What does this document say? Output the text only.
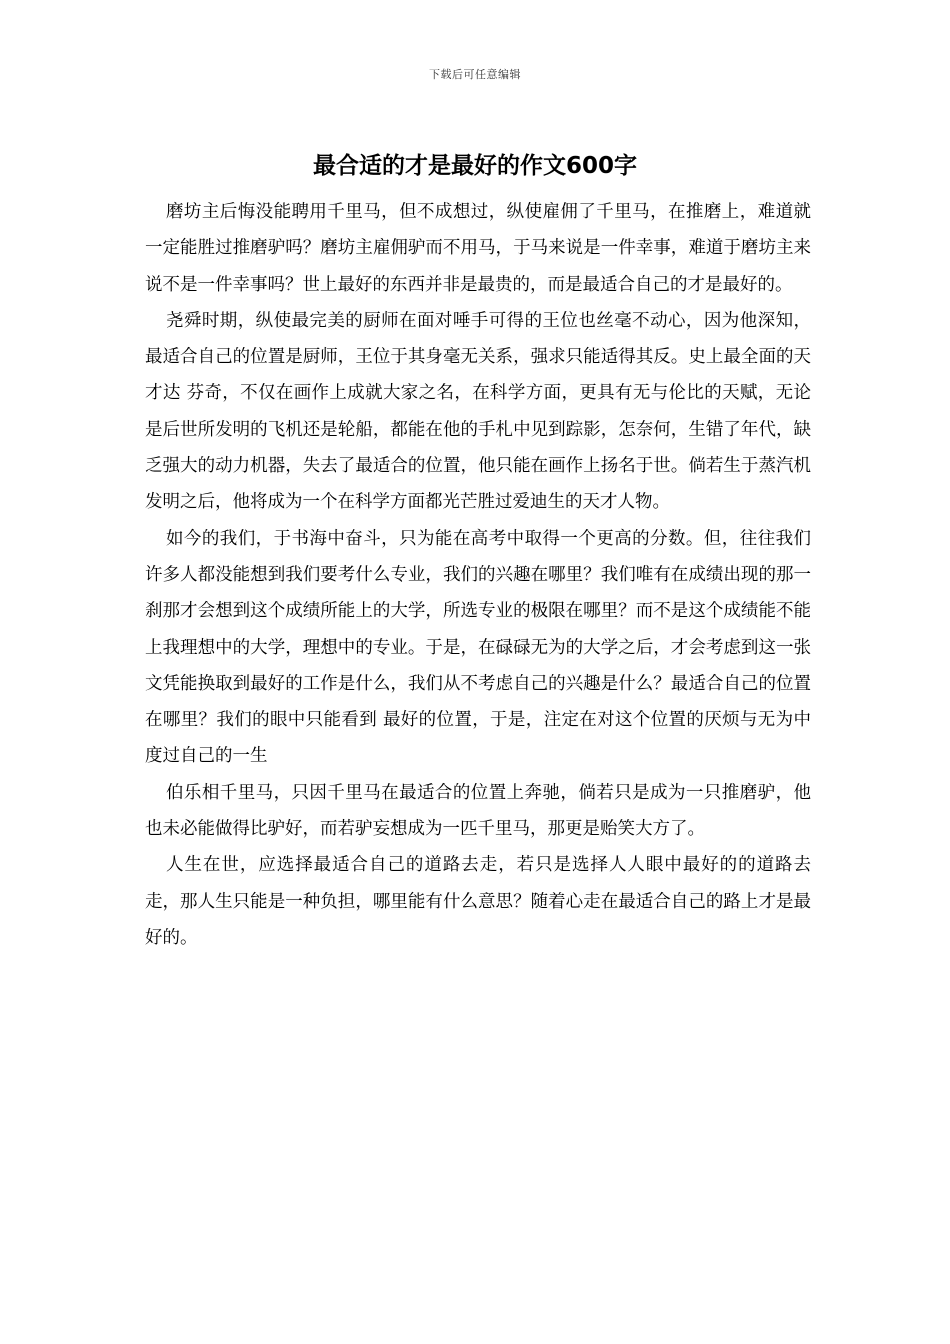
下载后可任意编辑
最合适的才是最好的作文600字

磨坊主后悔没能聘用千里马，但不成想过，纵使雇佣了千里马，在推磨上，难道就一定能胜过推磨驴吗？磨坊主雇佣驴而不用马，于马来说是一件幸事，难道于磨坊主来说不是一件幸事吗？世上最好的东西并非是最贵的，而是最适合自己的才是最好的。

尧舜时期，纵使最完美的厨师在面对唾手可得的王位也丝毫不动心，因为他深知，最适合自己的位置是厨师，王位于其身毫无关系，强求只能适得其反。史上最全面的天才达 芬奇，不仅在画作上成就大家之名，在科学方面，更具有无与伦比的天赋，无论是后世所发明的飞机还是轮船，都能在他的手札中见到踪影，怎奈何，生错了年代，缺乏强大的动力机器，失去了最适合的位置，他只能在画作上扬名于世。倘若生于蒸汽机发明之后，他将成为一个在科学方面都光芒胜过爱迪生的天才人物。

如今的我们，于书海中奋斗，只为能在高考中取得一个更高的分数。但，往往我们许多人都没能想到我们要考什么专业，我们的兴趣在哪里？我们唯有在成绩出现的那一刹那才会想到这个成绩所能上的大学，所选专业的极限在哪里？而不是这个成绩能不能上我理想中的大学，理想中的专业。于是，在碌碌无为的大学之后，才会考虑到这一张文凭能换取到最好的工作是什么，我们从不考虑自己的兴趣是什么？最适合自己的位置在哪里？我们的眼中只能看到 最好的位置，于是，注定在对这个位置的厌烦与无为中度过自己的一生

伯乐相千里马，只因千里马在最适合的位置上奔驰，倘若只是成为一只推磨驴，他也未必能做得比驴好，而若驴妄想成为一匹千里马，那更是贻笑大方了。

人生在世，应选择最适合自己的道路去走，若只是选择人人眼中最好的的道路去走，那人生只能是一种负担，哪里能有什么意思？随着心走在最适合自己的路上才是最好的。
